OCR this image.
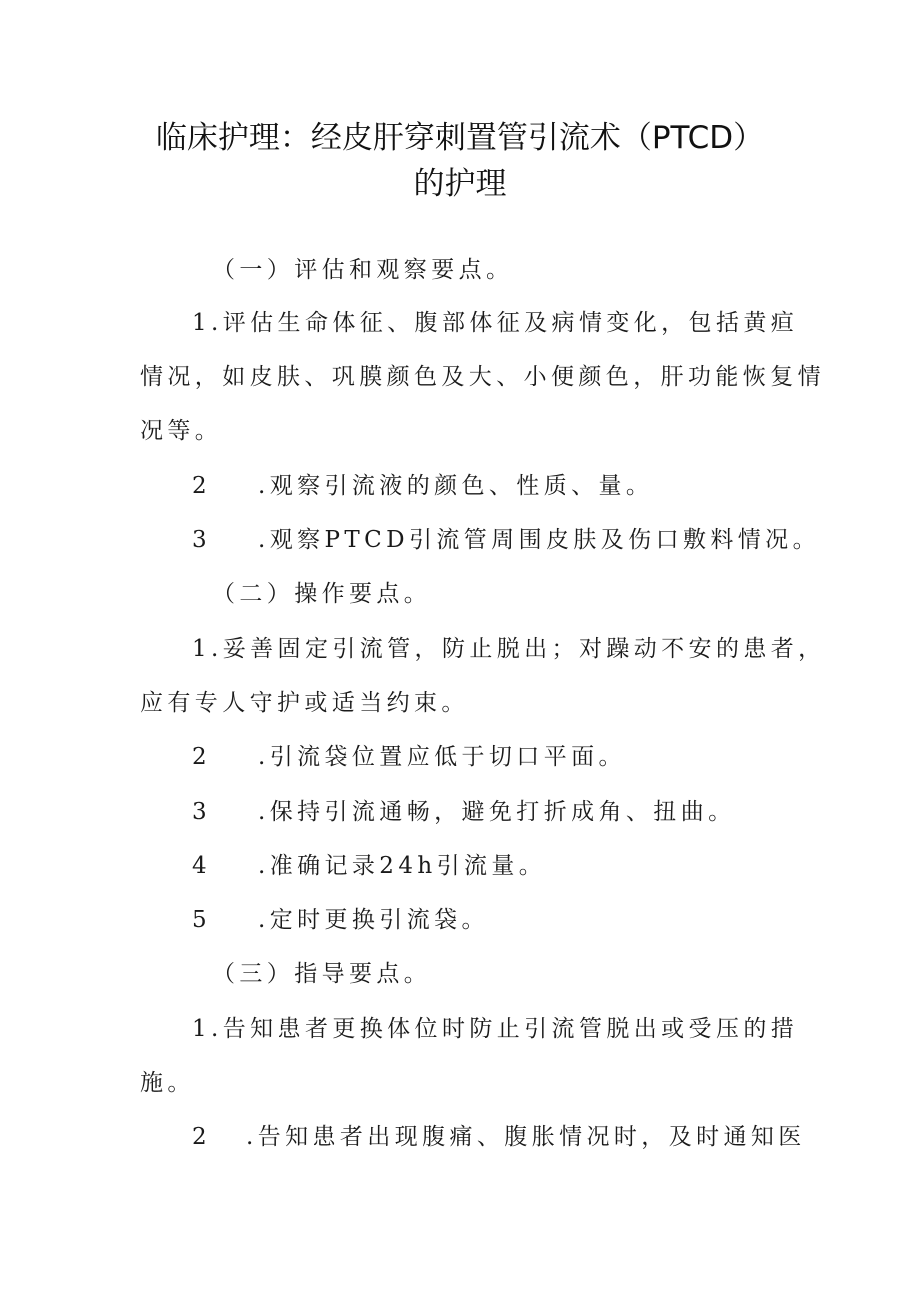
临床护理：经皮肝穿刺置管引流术（PTCD）
的护理
（一）评估和观察要点。
1.评估生命体征、腹部体征及病情变化，包括黄疸
情况，如皮肤、巩膜颜色及大、小便颜色，肝功能恢复情
况等。
2 .观察引流液的颜色、性质、量。
3 .观察PTCD引流管周围皮肤及伤口敷料情况。
（二）操作要点。
1.妥善固定引流管，防止脱出；对躁动不安的患者，
应有专人守护或适当约束。
2 .引流袋位置应低于切口平面。
3 .保持引流通畅，避免打折成角、扭曲。
4 .准确记录24h引流量。
5 .定时更换引流袋。
（三）指导要点。
1.告知患者更换体位时防止引流管脱出或受压的措
施。
2 .告知患者出现腹痛、腹胀情况时，及时通知医
